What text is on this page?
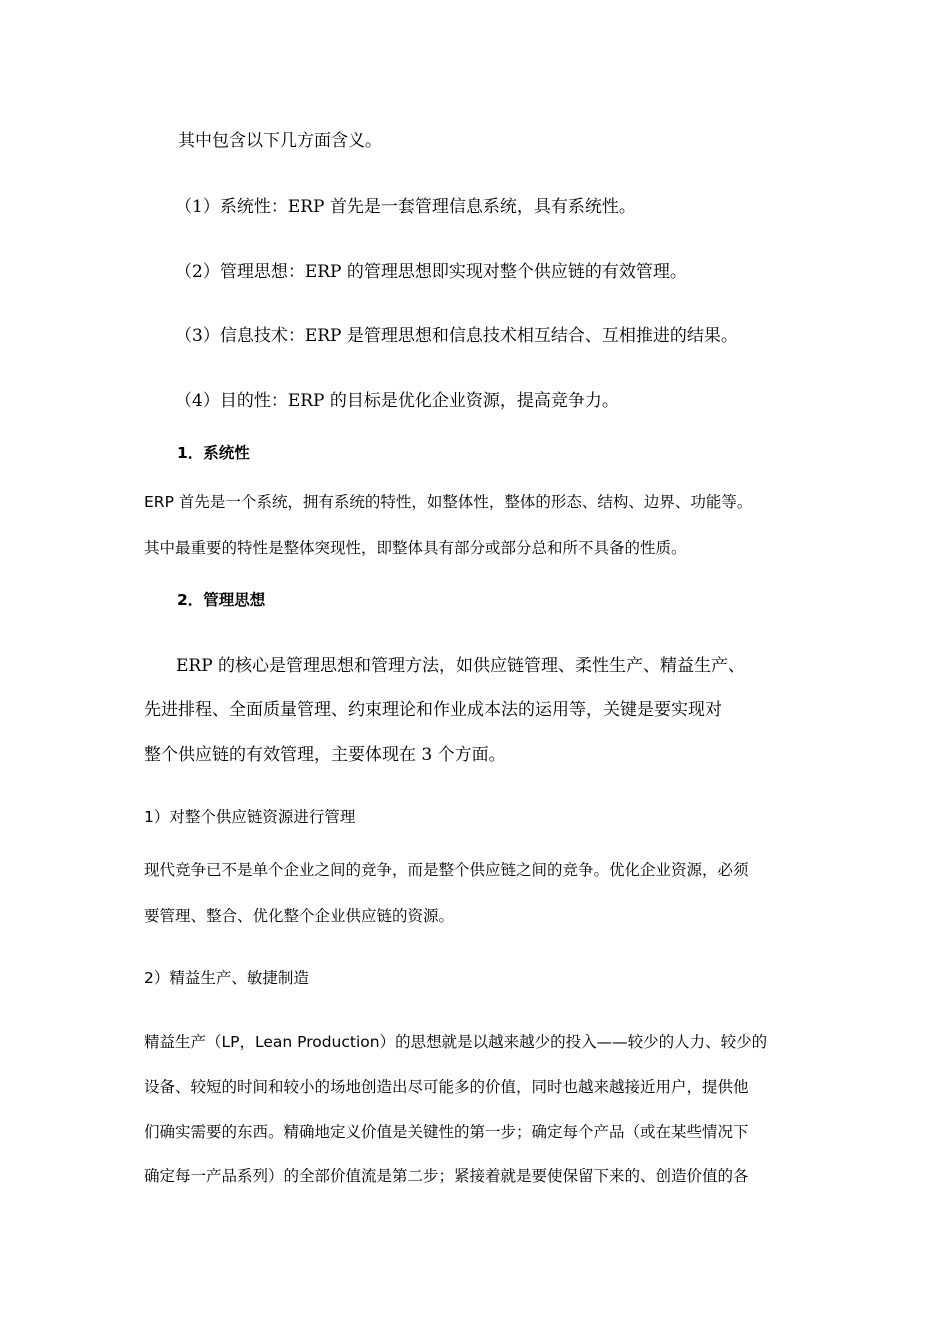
其中包含以下几方面含义。
（1）系统性：ERP 首先是一套管理信息系统，具有系统性。
（2）管理思想：ERP 的管理思想即实现对整个供应链的有效管理。
（3）信息技术：ERP 是管理思想和信息技术相互结合、互相推进的结果。
（4）目的性：ERP 的目标是优化企业资源，提高竞争力。
1．系统性
ERP 首先是一个系统，拥有系统的特性，如整体性，整体的形态、结构、边界、功能等。
其中最重要的特性是整体突现性，即整体具有部分或部分总和所不具备的性质。
2．管理思想
ERP 的核心是管理思想和管理方法，如供应链管理、柔性生产、精益生产、
先进排程、全面质量管理、约束理论和作业成本法的运用等，关键是要实现对
整个供应链的有效管理，主要体现在 3 个方面。
1）对整个供应链资源进行管理
现代竞争已不是单个企业之间的竞争，而是整个供应链之间的竞争。优化企业资源，必须
要管理、整合、优化整个企业供应链的资源。
2）精益生产、敏捷制造
精益生产（LP，Lean Production）的思想就是以越来越少的投入——较少的人力、较少的
设备、较短的时间和较小的场地创造出尽可能多的价值，同时也越来越接近用户，提供他
们确实需要的东西。精确地定义价值是关键性的第一步；确定每个产品（或在某些情况下
确定每一产品系列）的全部价值流是第二步；紧接着就是要使保留下来的、创造价值的各
